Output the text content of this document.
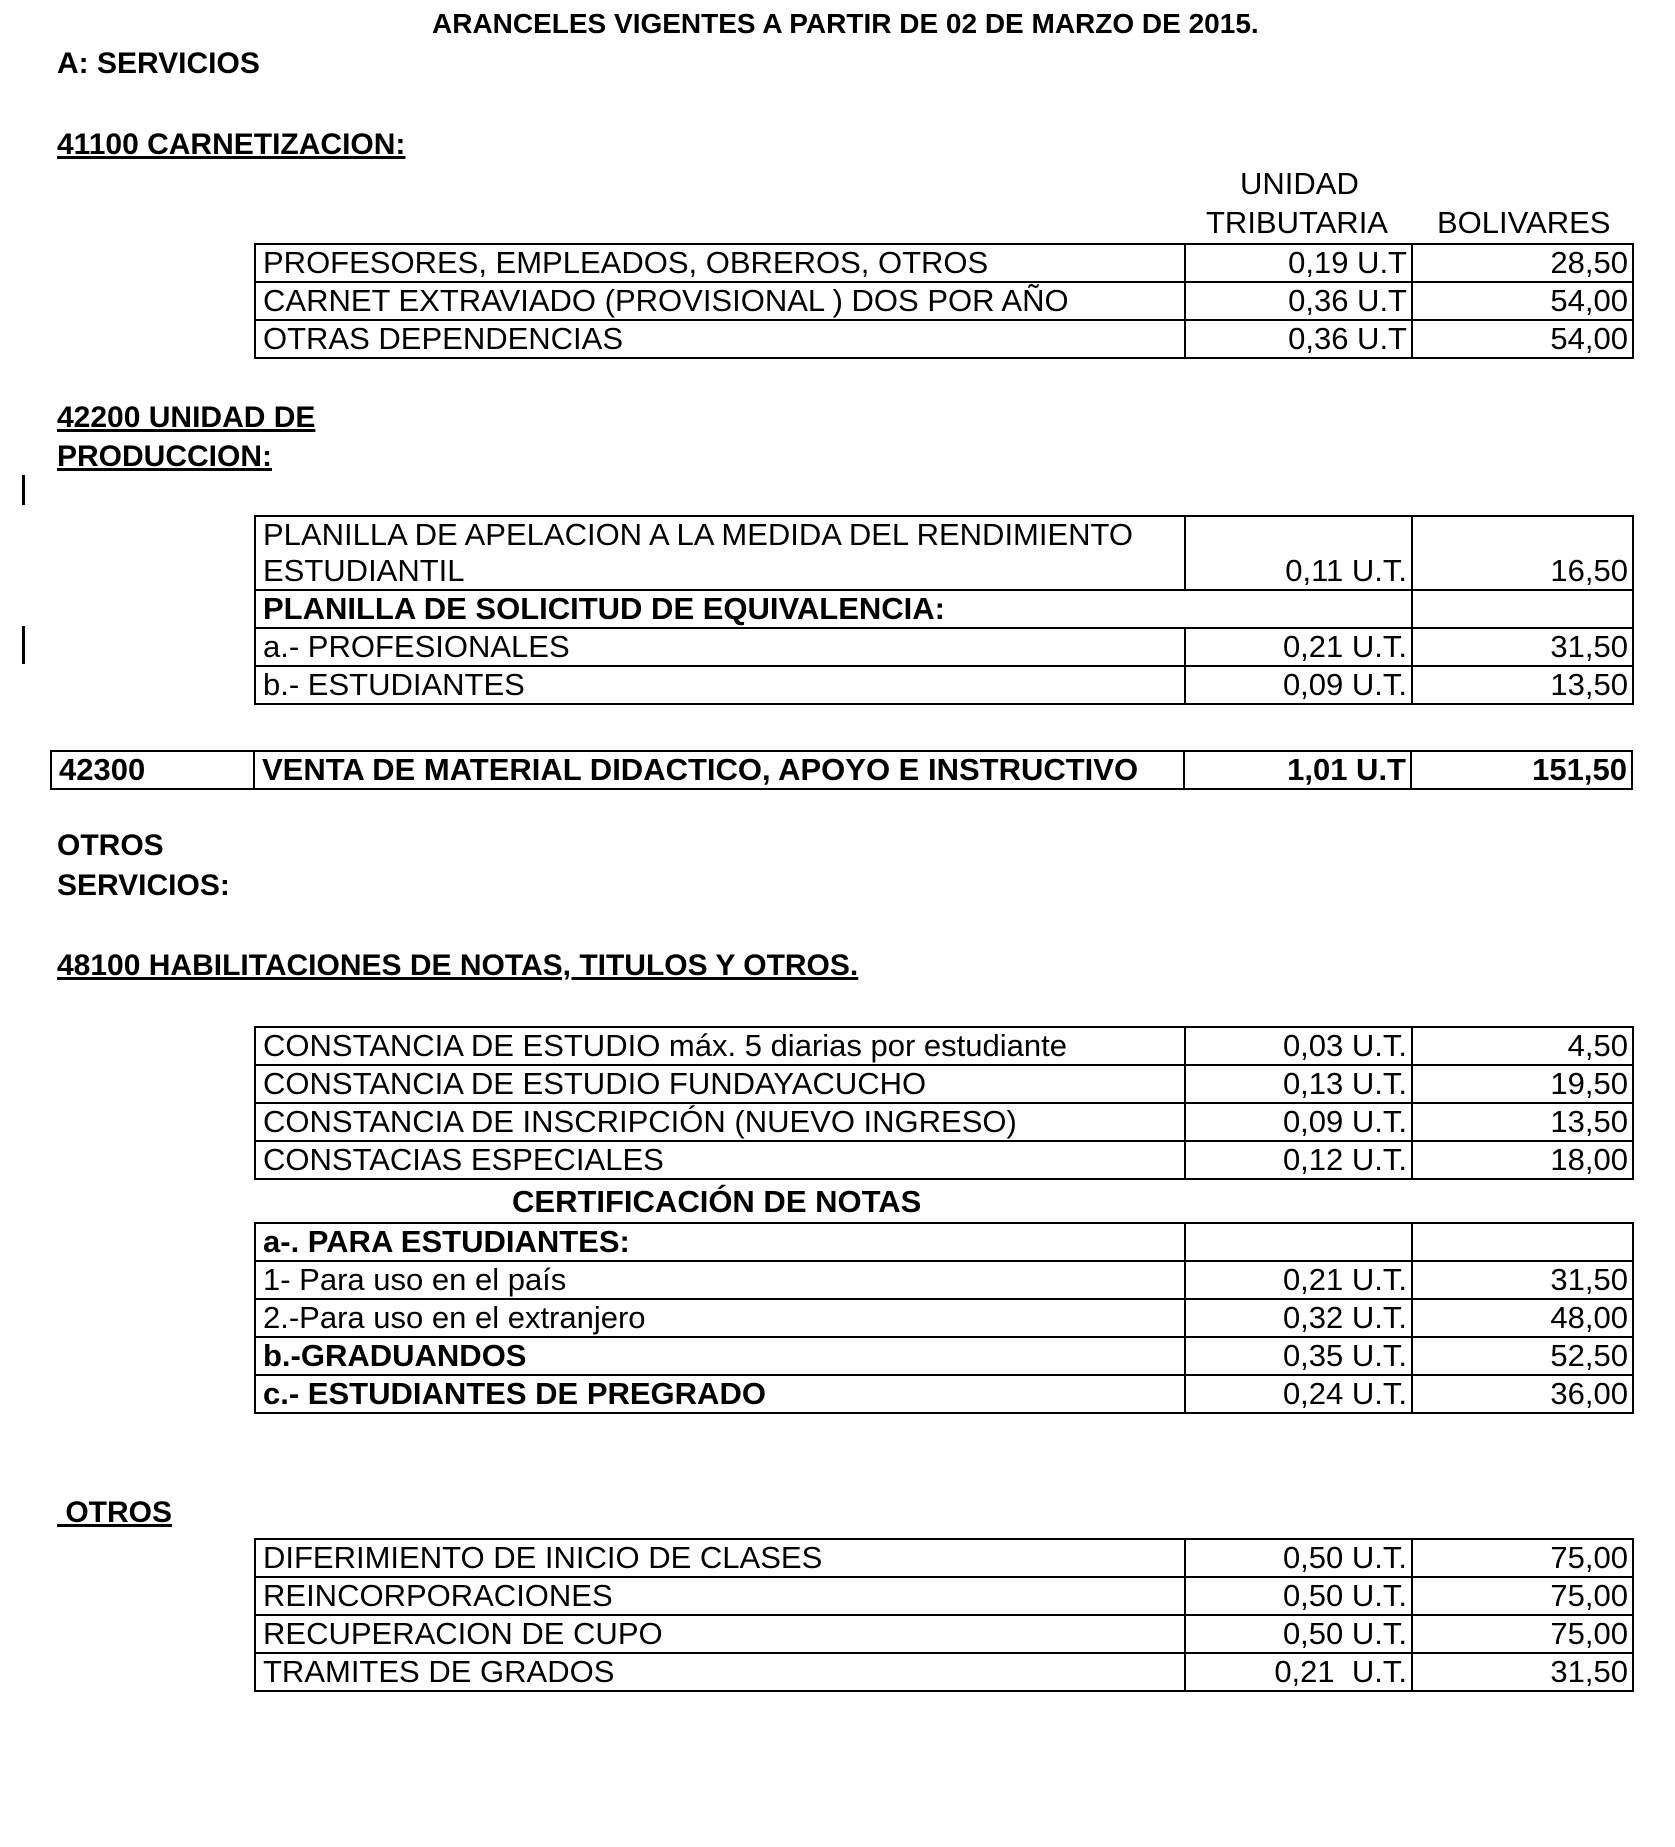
ARANCELES VIGENTES A PARTIR DE 02 DE MARZO DE 2015.
A: SERVICIOS
41100 CARNETIZACION:
UNIDAD
TRIBUTARIA BOLIVARES
PROFESORES, EMPLEADOS, OBREROS, OTROS	0,19 U.T	28,50
CARNET EXTRAVIADO (PROVISIONAL ) DOS POR AÑO	0,36 U.T	54,00
OTRAS DEPENDENCIAS	0,36 U.T	54,00
42200 UNIDAD DE
PRODUCCION:
PLANILLA DE APELACION A LA MEDIDA DEL RENDIMIENTO
ESTUDIANTIL	0,11 U.T.	16,50
PLANILLA DE SOLICITUD DE EQUIVALENCIA:		
a.- PROFESIONALES	0,21 U.T.	31,50
b.- ESTUDIANTES	0,09 U.T.	13,50
42300	VENTA DE MATERIAL DIDACTICO, APOYO E INSTRUCTIVO	1,01 U.T	151,50
OTROS
SERVICIOS:
48100 HABILITACIONES DE NOTAS, TITULOS Y OTROS.
CONSTANCIA DE ESTUDIO máx. 5 diarias por estudiante	0,03 U.T.	4,50
CONSTANCIA DE ESTUDIO FUNDAYACUCHO	0,13 U.T.	19,50
CONSTANCIA DE INSCRIPCIÓN (NUEVO INGRESO)	0,09 U.T.	13,50
CONSTACIAS ESPECIALES	0,12 U.T.	18,00
CERTIFICACIÓN DE NOTAS
a-. PARA ESTUDIANTES:		
1- Para uso en el país	0,21 U.T.	31,50
2.-Para uso en el extranjero	0,32 U.T.	48,00
b.-GRADUANDOS	0,35 U.T.	52,50
c.- ESTUDIANTES DE PREGRADO	0,24 U.T.	36,00
OTROS
DIFERIMIENTO DE INICIO DE CLASES	0,50 U.T.	75,00
REINCORPORACIONES	0,50 U.T.	75,00
RECUPERACION DE CUPO	0,50 U.T.	75,00
TRAMITES DE GRADOS	0,21  U.T.	31,50
